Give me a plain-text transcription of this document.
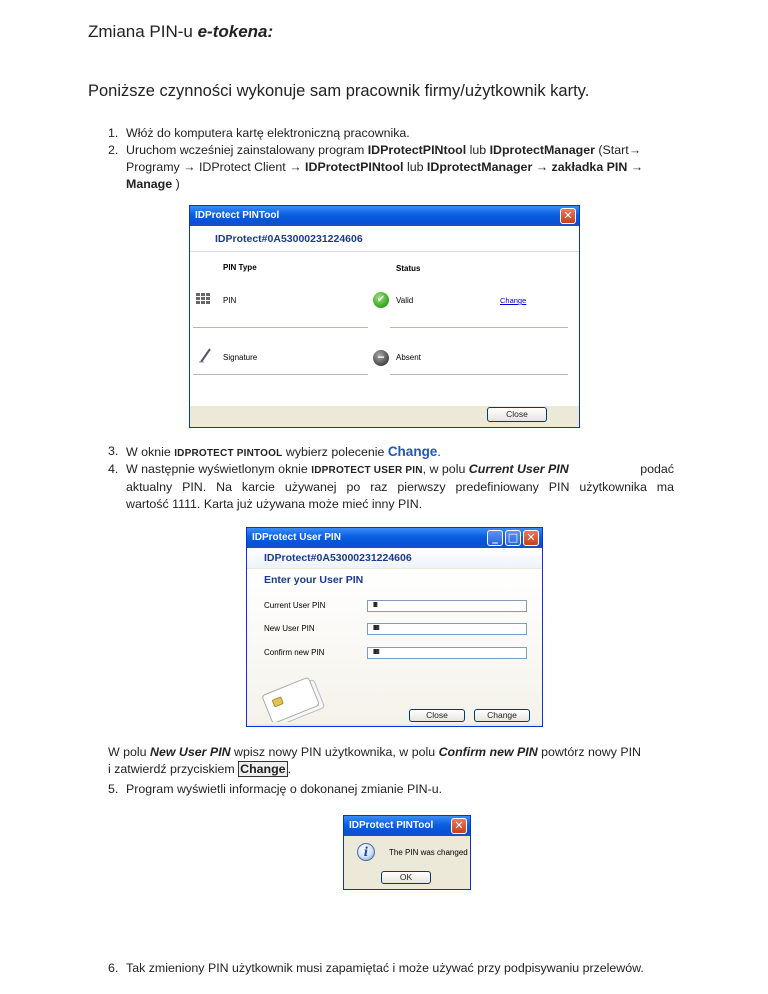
Zmiana PIN-u e-tokena:
Poniższe czynności wykonuje sam pracownik firmy/użytkownik karty.
1. Włóż do komputera kartę elektroniczną pracownika.
2. Uruchom wcześniej zainstalowany program IDProtectPINtool lub IDprotectManager (Start→
Programy → IDProtect Client → IDProtectPINtool lub IDprotectManager → zakładka PIN →
Manage )
IDProtect PINTool	✕
IDProtect#0A53000231224606
PIN Type	Status
PIN	✔	Valid	Change
Signature	−	Absent
Close
3. W oknie IDPROTECT PINTOOL wybierz polecenie Change.
4. W następnie wyświetlonym oknie IDPROTECT USER PIN, w polu Current User PIN	podać
aktualny PIN. Na karcie używanej po raz pierwszy predefiniowany PIN użytkownika ma
wartość 1111. Karta już używana może mieć inny PIN.
IDProtect User PIN	_ □ ✕
IDProtect#0A53000231224606
Enter your User PIN
Current User PIN	IIII
New User PIN	IIIIII
Confirm new PIN	IIIIII
Close	Change
W polu New User PIN wpisz nowy PIN użytkownika, w polu Confirm new PIN powtórz nowy PIN
i zatwierdź przyciskiem Change .
5. Program wyświetli informację o dokonanej zmianie PIN-u.
IDProtect PINTool	✕
i	The PIN was changed
OK
6. Tak zmieniony PIN użytkownik musi zapamiętać i może używać przy podpisywaniu przelewów.
